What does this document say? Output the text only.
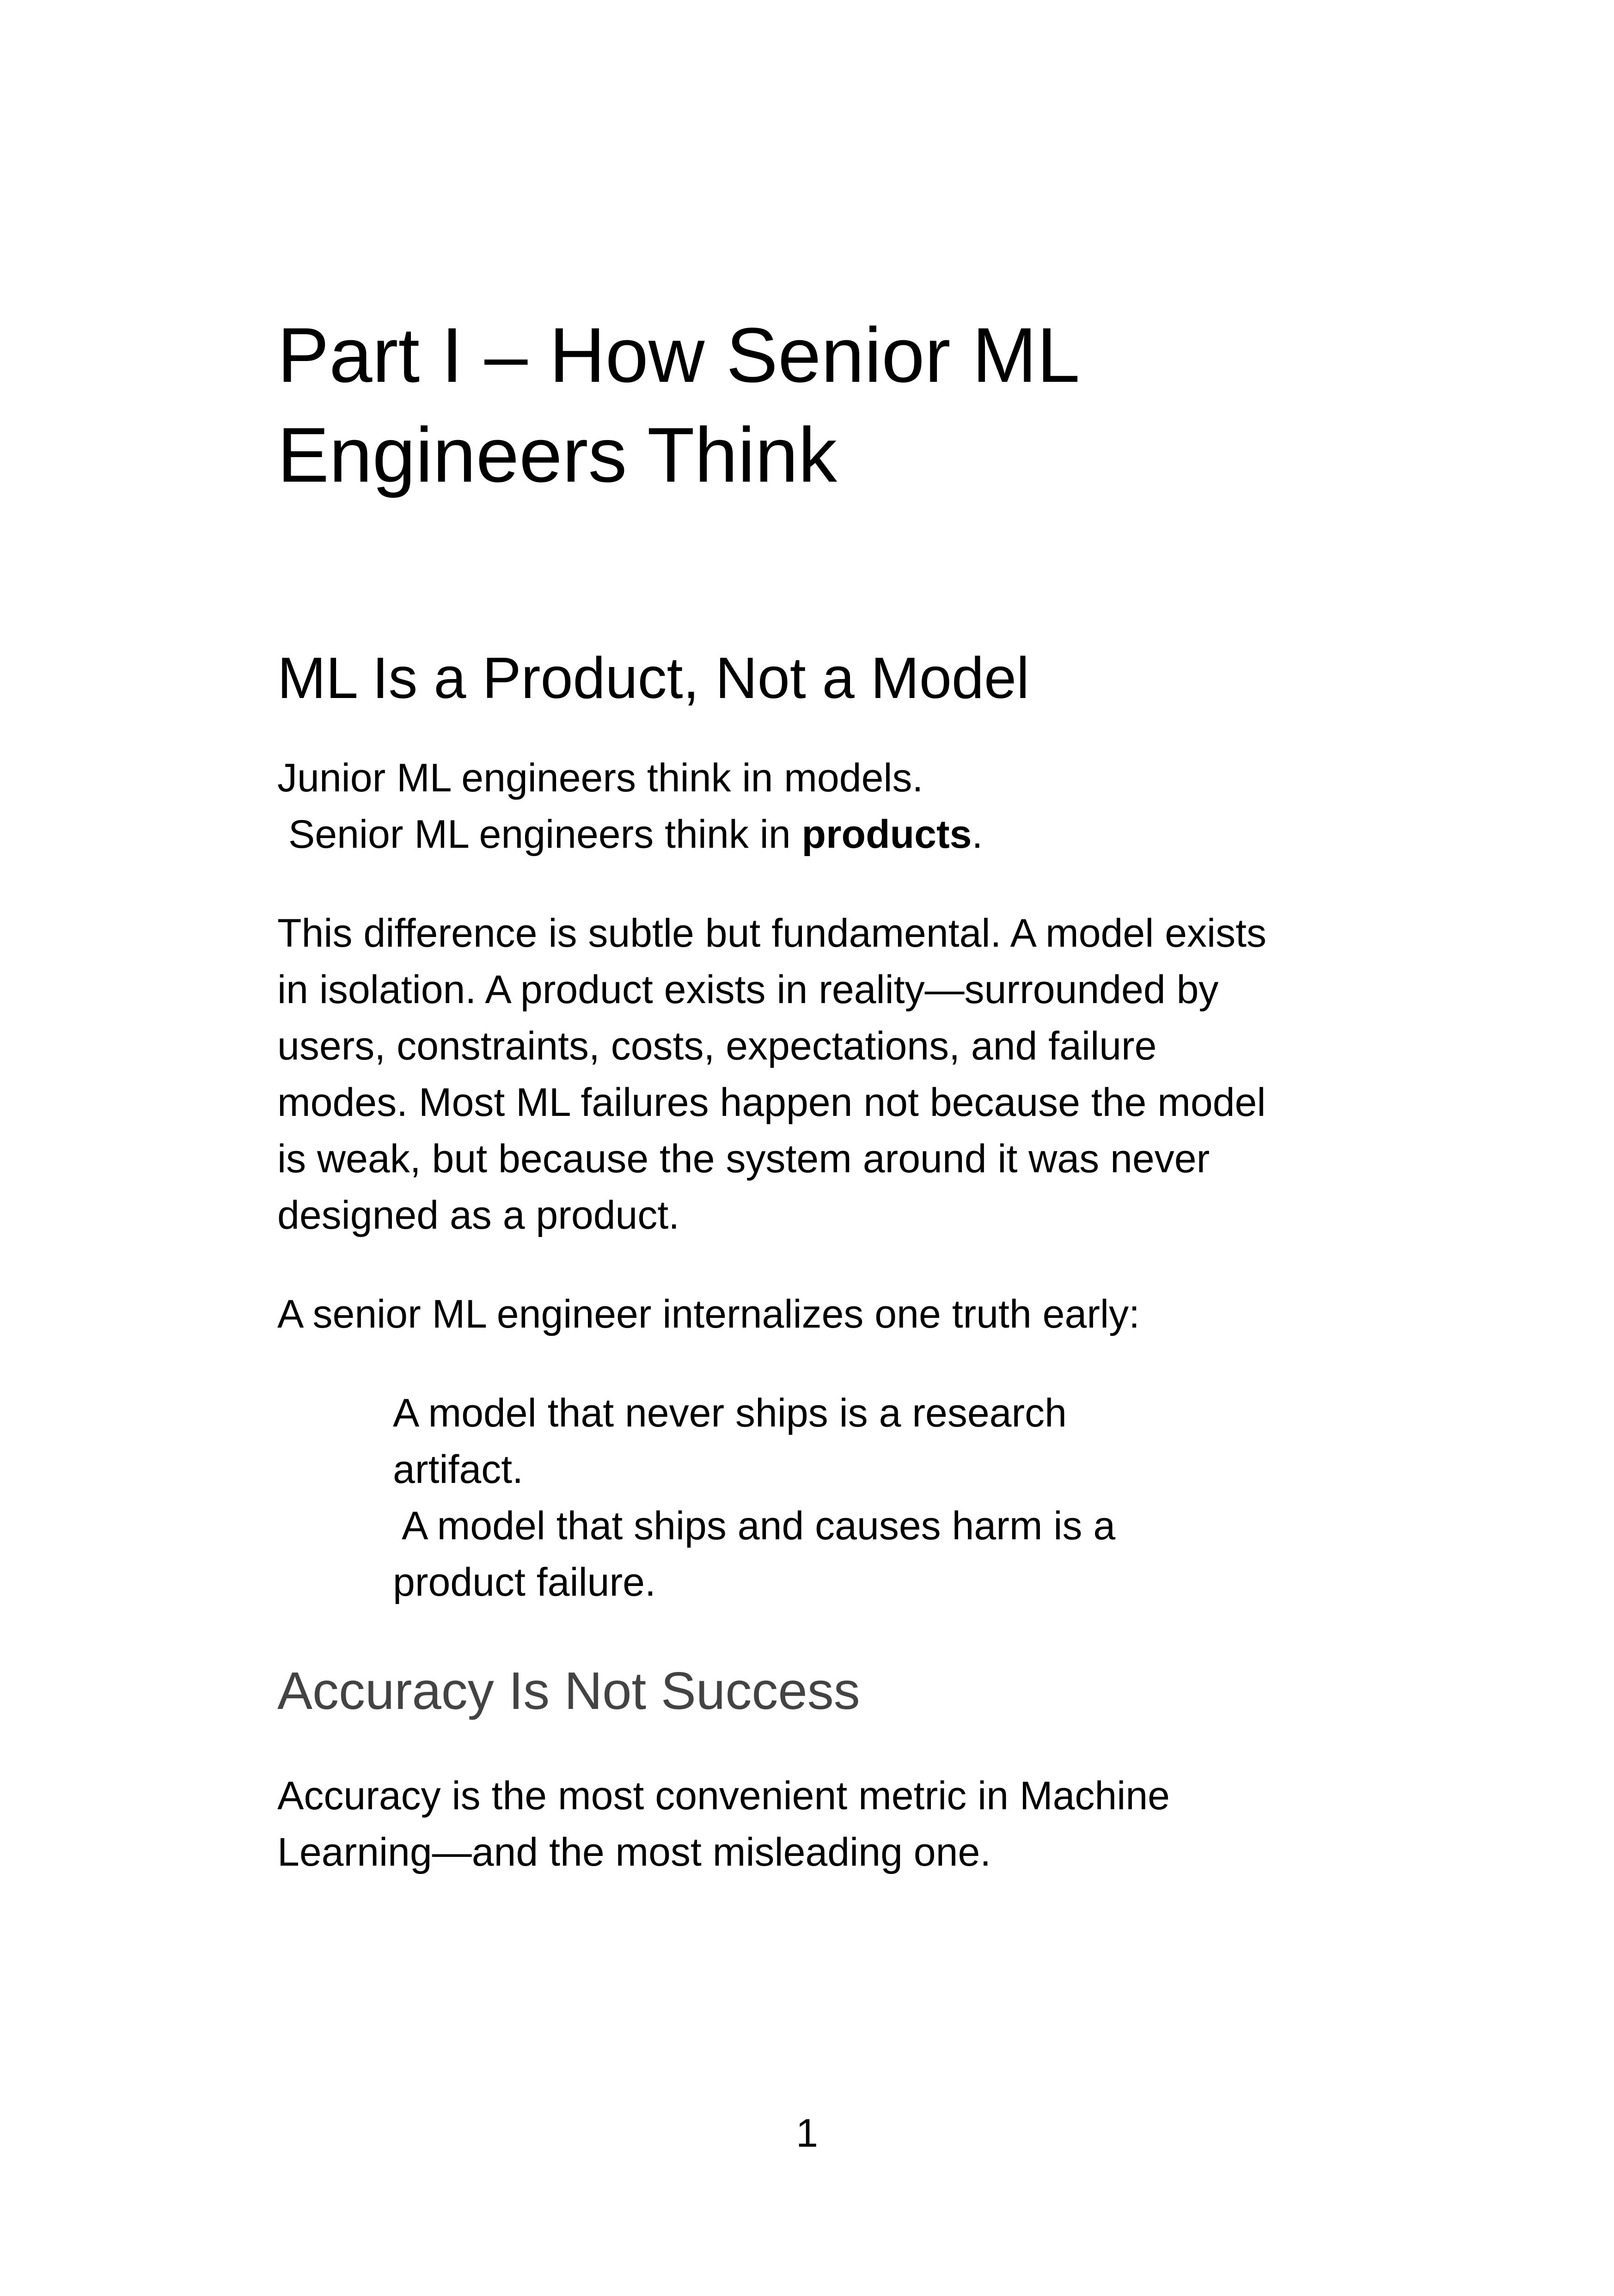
Part I – How Senior ML
Engineers Think
ML Is a Product, Not a Model

Junior ML engineers think in models.
Senior ML engineers think in products.

This difference is subtle but fundamental. A model exists
in isolation. A product exists in reality—surrounded by
users, constraints, costs, expectations, and failure
modes. Most ML failures happen not because the model
is weak, but because the system around it was never
designed as a product.

A senior ML engineer internalizes one truth early:

A model that never ships is a research
artifact.
A model that ships and causes harm is a
product failure.
Accuracy Is Not Success

Accuracy is the most convenient metric in Machine
Learning—and the most misleading one.

1
